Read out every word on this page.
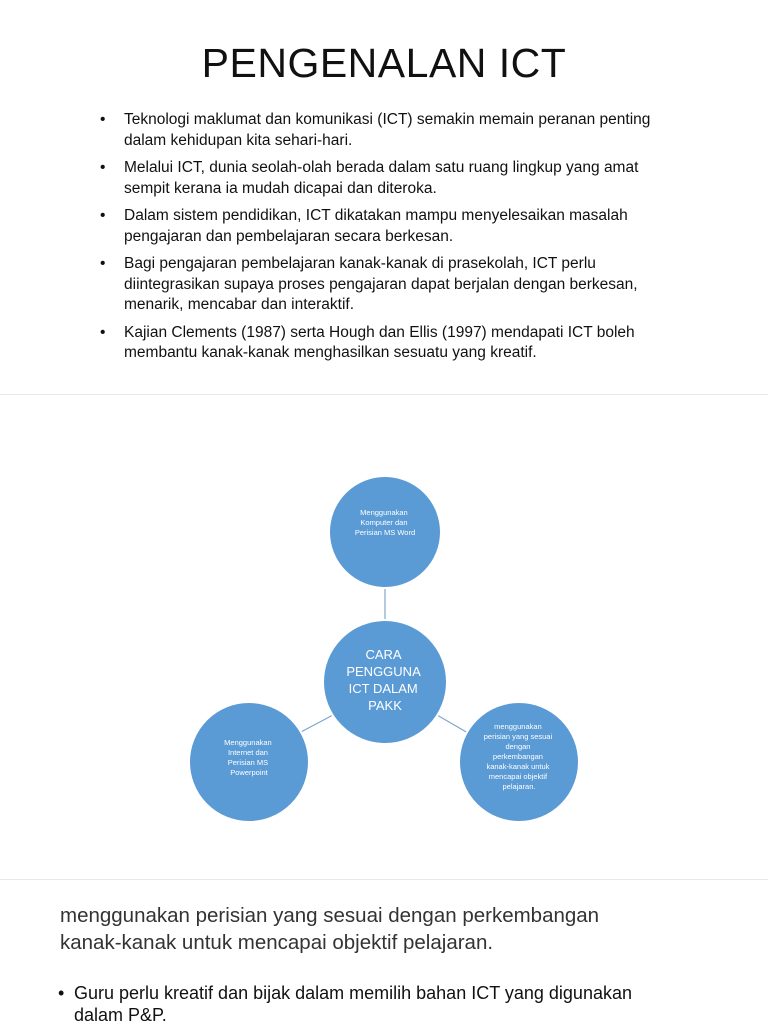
PENGENALAN ICT
• Teknologi maklumat dan komunikasi (ICT) semakin memain peranan penting dalam kehidupan kita sehari-hari.
• Melalui ICT, dunia seolah-olah berada dalam satu ruang lingkup yang amat sempit kerana ia mudah dicapai dan diteroka.
• Dalam sistem pendidikan, ICT dikatakan mampu menyelesaikan masalah pengajaran dan pembelajaran secara berkesan.
• Bagi pengajaran pembelajaran kanak-kanak di prasekolah, ICT perlu diintegrasikan supaya proses pengajaran dapat berjalan dengan berkesan, menarik, mencabar dan interaktif.
• Kajian Clements (1987) serta Hough dan Ellis (1997) mendapati ICT boleh membantu kanak-kanak menghasilkan sesuatu yang kreatif.
Menggunakan Komputer dan Perisian MS Word
CARA PENGGUNA ICT DALAM PAKK
Menggunakan Internet dan Perisian MS Powerpoint
menggunakan perisian yang sesuai dengan perkembangan kanak-kanak untuk mencapai objektif pelajaran.

menggunakan perisian yang sesuai dengan perkembangan
kanak-kanak untuk mencapai objektif pelajaran.

• Guru perlu kreatif dan bijak dalam memilih bahan ICT yang digunakan
dalam P&P.
